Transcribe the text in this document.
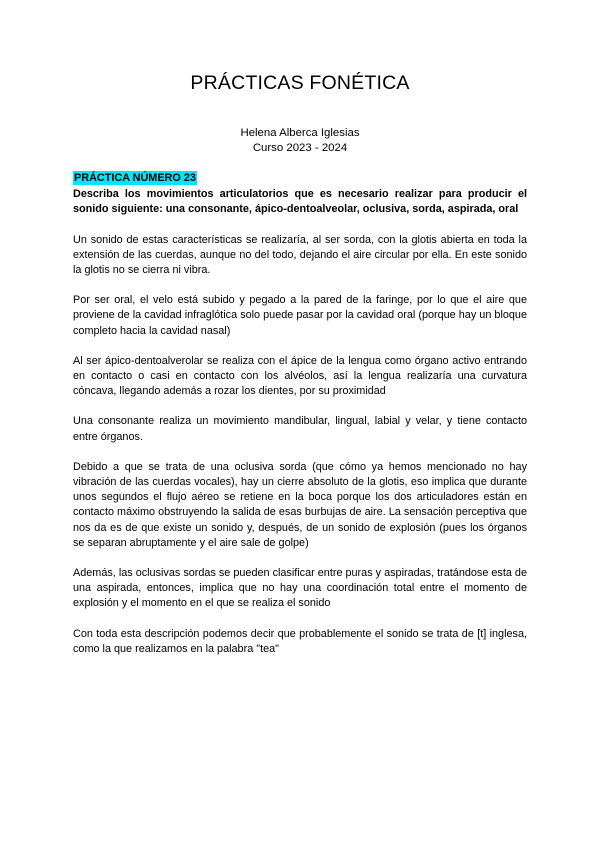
PRÁCTICAS FONÉTICA
Helena Alberca Iglesias
Curso 2023 - 2024
PRÁCTICA NÚMERO 23

Describa los movimientos articulatorios que es necesario realizar para producir el sonido siguiente: una consonante, ápico-dentoalveolar, oclusiva, sorda, aspirada, oral

Un sonido de estas características se realizaría, al ser sorda, con la glotis abierta en toda la extensión de las cuerdas, aunque no del todo, dejando el aire circular por ella. En este sonido la glotis no se cierra ni vibra.

Por ser oral, el velo está subido y pegado a la pared de la faringe, por lo que el aire que proviene de la cavidad infraglótica solo puede pasar por la cavidad oral (porque hay un bloque completo hacia la cavidad nasal)

Al ser ápico-dentoalverolar se realiza con el ápice de la lengua como órgano activo entrando en contacto o casi en contacto con los alvéolos, así la lengua realizaría una curvatura cóncava, llegando además a rozar los dientes, por su proximidad

Una consonante realiza un movimiento mandibular, lingual, labial y velar, y tiene contacto entre órganos.

Debido a que se trata de una oclusiva sorda (que cómo ya hemos mencionado no hay vibración de las cuerdas vocales), hay un cierre absoluto de la glotis, eso implica que durante unos segundos el flujo aéreo se retiene en la boca porque los dos articuladores están en contacto máximo obstruyendo la salida de esas burbujas de aire. La sensación perceptiva que nos da es de que existe un sonido y, después, de un sonido de explosión (pues los órganos se separan abruptamente y el aire sale de golpe)

Además, las oclusivas sordas se pueden clasificar entre puras y aspiradas, tratándose esta de una aspirada, entonces, implica que no hay una coordinación total entre el momento de explosión y el momento en el que se realiza el sonido

Con toda esta descripción podemos decir que probablemente el sonido se trata de [t] inglesa, como la que realizamos en la palabra "tea"
